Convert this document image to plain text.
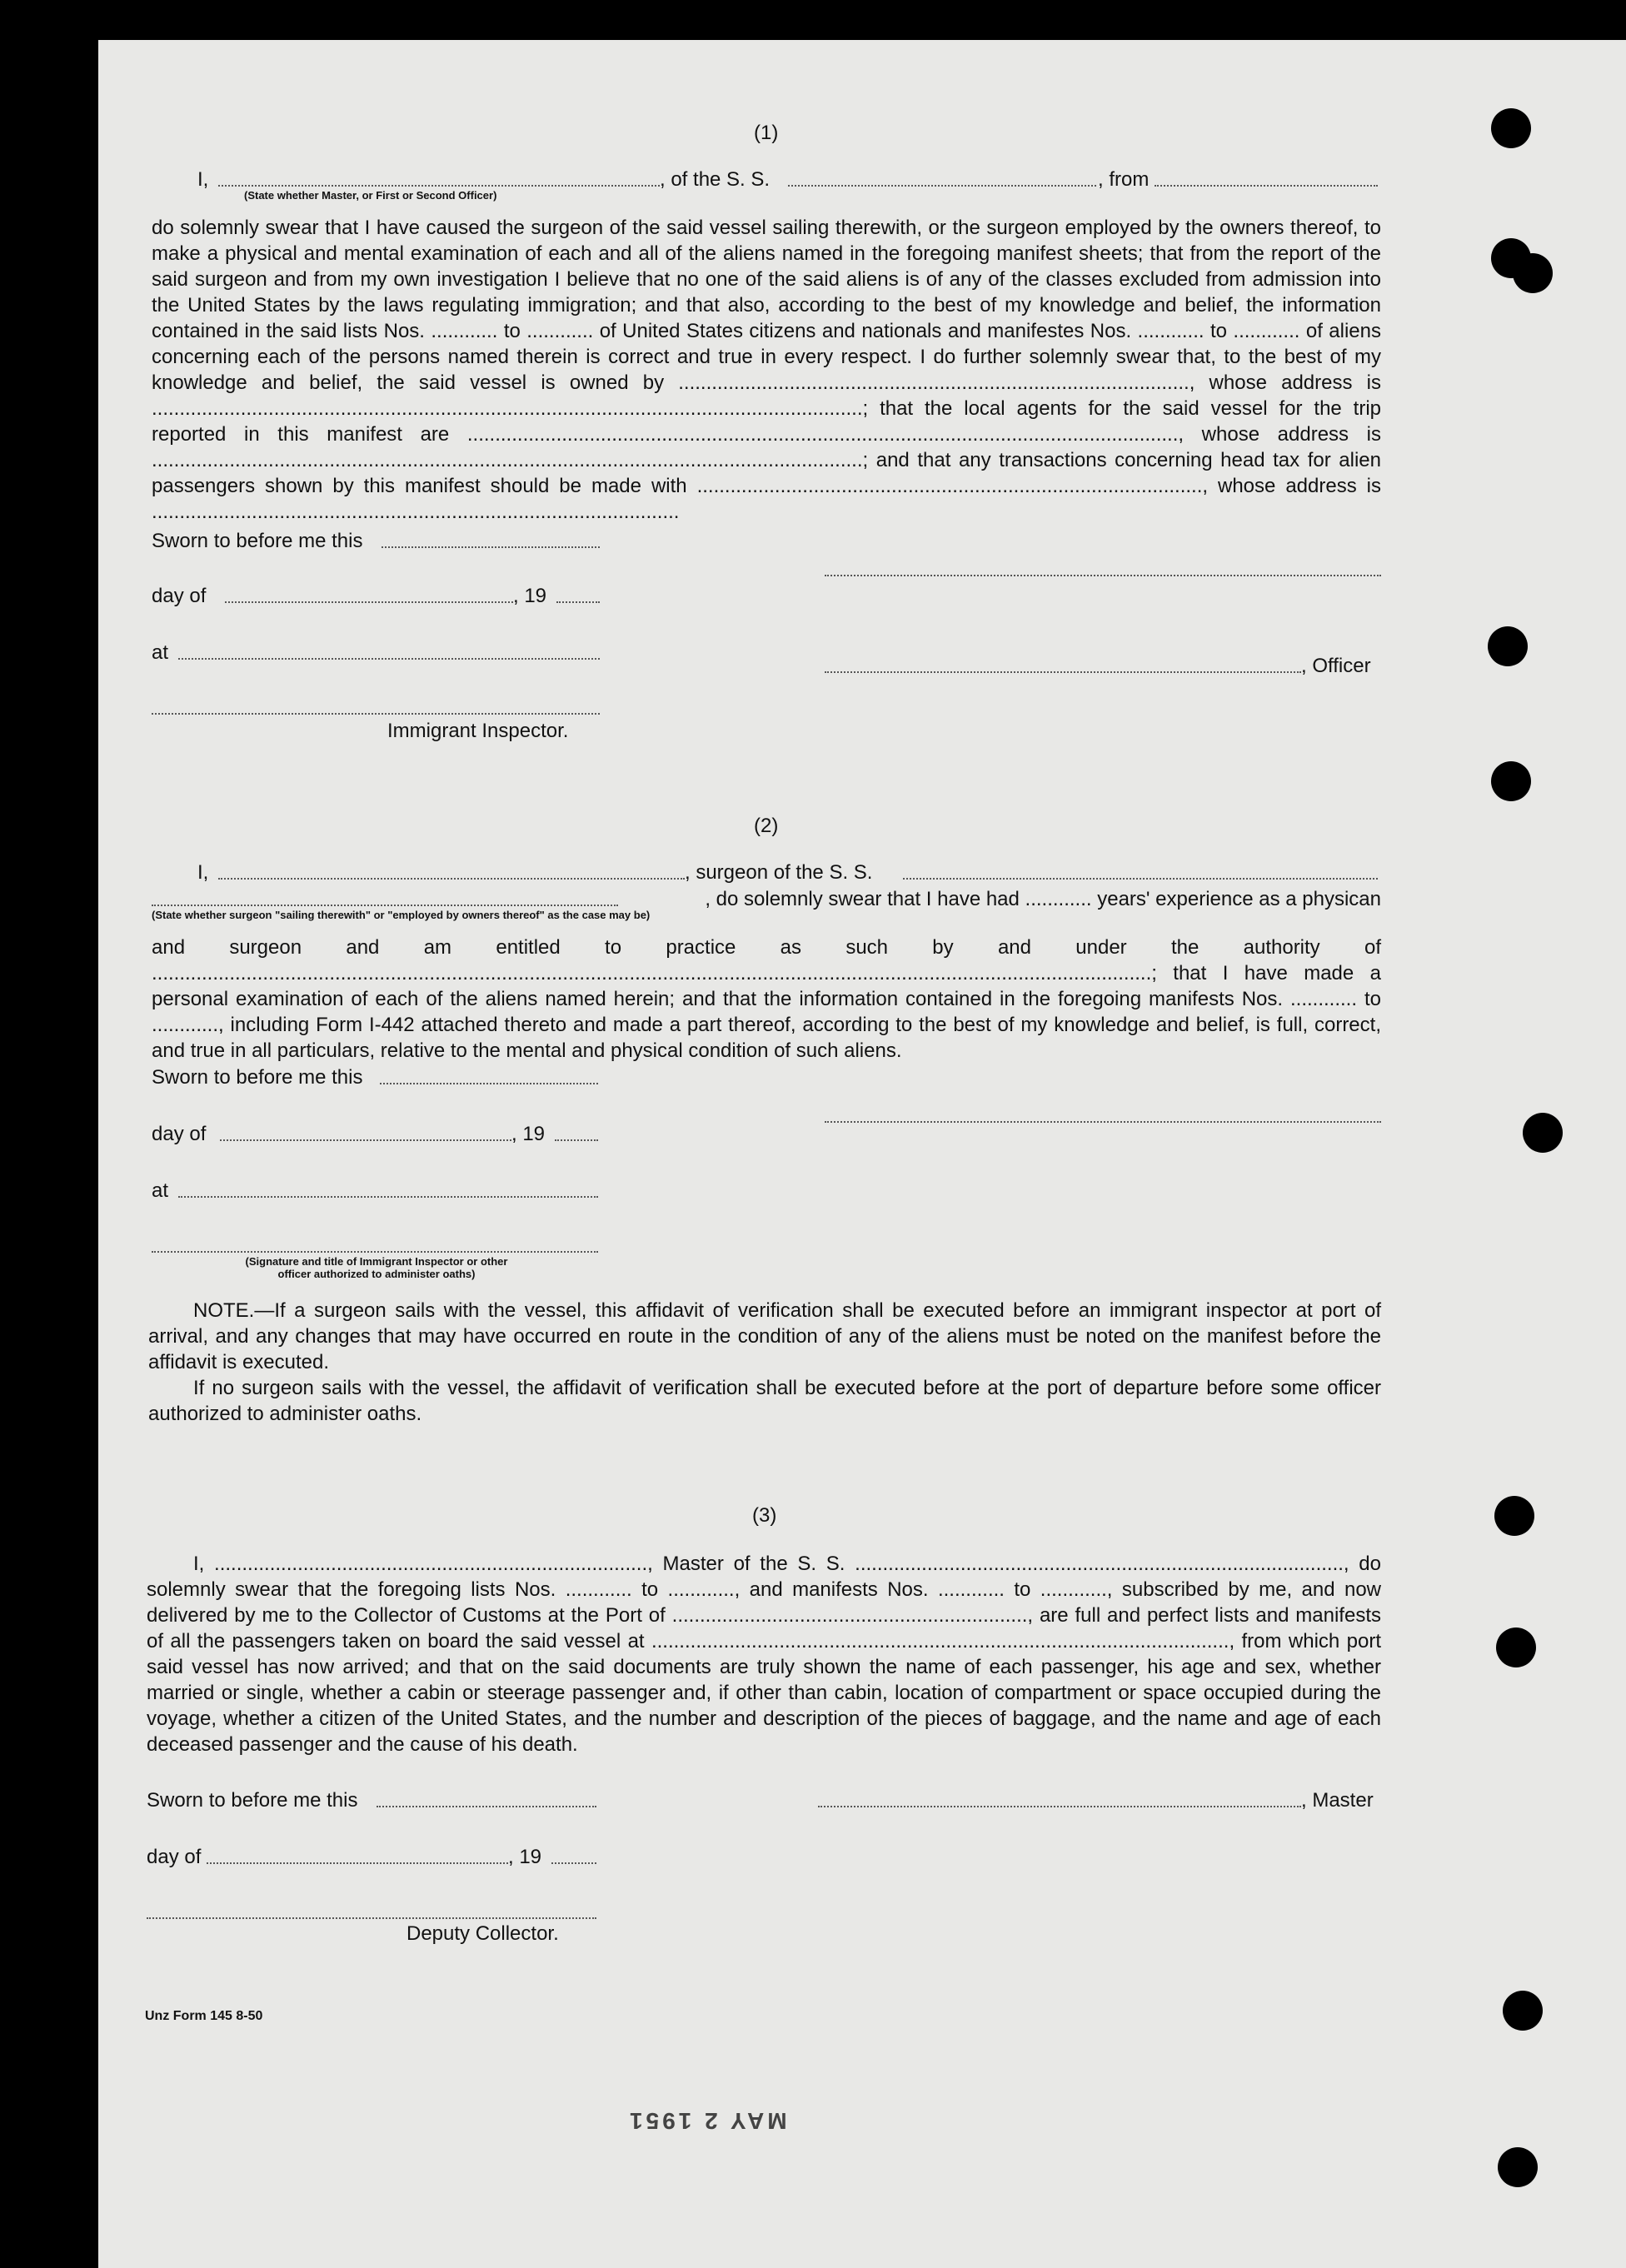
(1)
I,
(State whether Master, or First or Second Officer)
, of the S. S.	, from

do solemnly swear that I have caused the surgeon of the said vessel sailing therewith, or the surgeon employed by the owners thereof, to make a physical and mental examination of each and all of the aliens named in the foregoing manifest sheets; that from the report of the said surgeon and from my own investigation I believe that no one of the said aliens is of any of the classes excluded from admission into the United States by the laws regulating immigration; and that also, according to the best of my knowledge and belief, the information contained in the said lists Nos. ............ to ............ of United States citizens and nationals and manifestes Nos. ............ to ............ of aliens concerning each of the persons named therein is correct and true in every respect. I do further solemnly swear that, to the best of my knowledge and belief, the said vessel is owned by ............................................................................................, whose address is ................................................................................................................................; that the local agents for the said vessel for the trip reported in this manifest are ................................................................................................................................, whose address is ................................................................................................................................; and that any transactions concerning head tax for alien passengers shown by this manifest should be made with ..........................................................................................., whose address is ...............................................................................................

Sworn to before me this
day of	, 19
at
, Officer
Immigrant Inspector.
(2)
I,	, surgeon of the S. S.
, do solemnly swear that I have had ............ years' experience as a physican
(State whether surgeon "sailing therewith" or "employed by owners thereof" as the case may be)

and surgeon and am entitled to practice as such by and under the authority of ....................................................................................................................................................................................; that I have made a personal examination of each of the aliens named herein; and that the information contained in the foregoing manifests Nos. ............ to ............, including Form I-442 attached thereto and made a part thereof, according to the best of my knowledge and belief, is full, correct, and true in all particulars, relative to the mental and physical condition of such aliens.

Sworn to before me this
day of	, 19
at
(Signature and title of Immigrant Inspector or other
officer authorized to administer oaths)

NOTE.—If a surgeon sails with the vessel, this affidavit of verification shall be executed before an immigrant inspector at port of arrival, and any changes that may have occurred en route in the condition of any of the aliens must be noted on the manifest before the affidavit is executed.

If no surgeon sails with the vessel, the affidavit of verification shall be executed before at the port of departure before some officer authorized to administer oaths.

(3)

I, .............................................................................., Master of the S. S. ........................................................................................, do solemnly swear that the foregoing lists Nos. ............ to ............, and manifests Nos. ............ to ............, subscribed by me, and now delivered by me to the Collector of Customs at the Port of ................................................................, are full and perfect lists and manifests of all the passengers taken on board the said vessel at ........................................................................................................, from which port said vessel has now arrived; and that on the said documents are truly shown the name of each passenger, his age and sex, whether married or single, whether a cabin or steerage passenger and, if other than cabin, location of compartment or space occupied during the voyage, whether a citizen of the United States, and the number and description of the pieces of baggage, and the name and age of each deceased passenger and the cause of his death.

Sworn to before me this	, Master
day of	, 19
Deputy Collector.
Unz Form 145 8-50
MAY 2 1951
